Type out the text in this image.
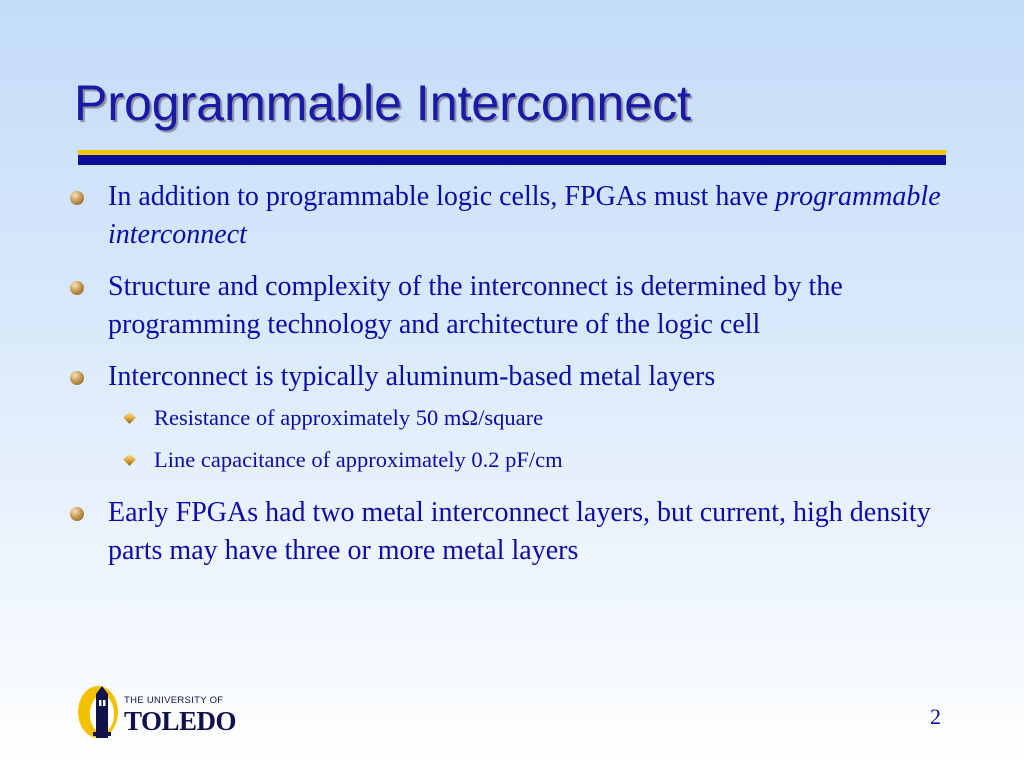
Programmable Interconnect
In addition to programmable logic cells, FPGAs must have programmable interconnect
Structure and complexity of the interconnect is determined by the programming technology and architecture of the logic cell
Interconnect is typically aluminum-based metal layers
Resistance of approximately 50 mΩ/square
Line capacitance of approximately 0.2 pF/cm
Early FPGAs had two metal interconnect layers, but current, high density parts may have three or more metal layers
THE UNIVERSITY OF
TOLEDO	2
